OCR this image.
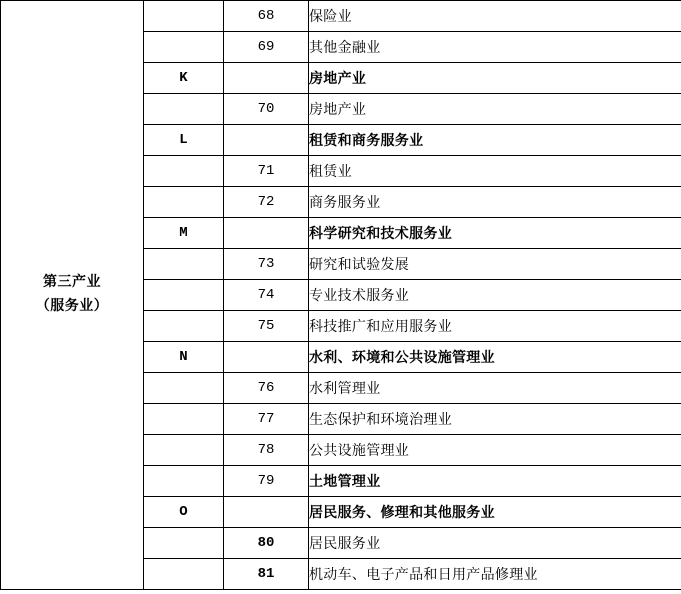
第三产业
（服务业）		68	保险业
		69	其他金融业
	K		房地产业
		70	房地产业
	L		租赁和商务服务业
		71	租赁业
		72	商务服务业
	M		科学研究和技术服务业
		73	研究和试验发展
		74	专业技术服务业
		75	科技推广和应用服务业
	N		水利、环境和公共设施管理业
		76	水利管理业
		77	生态保护和环境治理业
		78	公共设施管理业
		79	土地管理业
	O		居民服务、修理和其他服务业
		80	居民服务业
		81	机动车、电子产品和日用产品修理业
